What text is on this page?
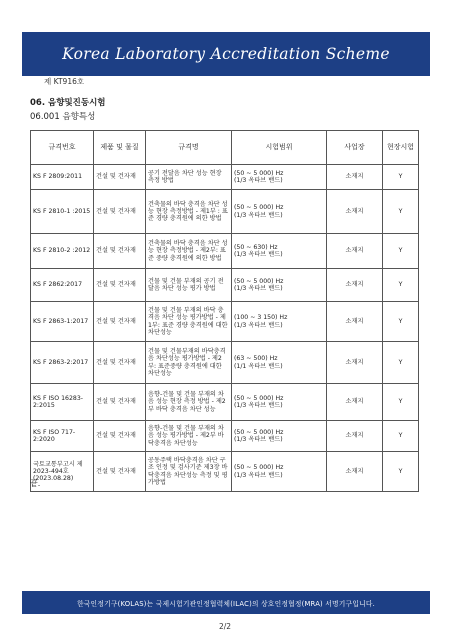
Korea Laboratory Accreditation Scheme
제 KT916호
06. 음향및진동시험
06.001 음향특성
규격번호	제품 및 물질	규격명	시험범위	사업장	현장시험
KS F 2809:2011	건설 및 건자재	공기 전달음 차단 성능 현장 측정 방법	(50 ~ 5 000) Hz
(1/3 옥타브 밴드)	소재지	Y
KS F 2810-1 :2015	건설 및 건자재	건축물의 바닥 충격음 차단 성능 현장 측정방법 - 제1부 : 표준 경량 충격원에 의한 방법	(50 ~ 5 000) Hz
(1/3 옥타브 밴드)	소재지	Y
KS F 2810-2 :2012	건설 및 건자재	건축물의 바닥 충격음 차단 성능 현장 측정방법 - 제2부: 표준 중량 충격원에 의한 방법	(50 ~ 630) Hz
(1/3 옥타브 밴드)	소재지	Y
KS F 2862:2017	건설 및 건자재	건물 및 건물 부재의 공기 전달음 차단 성능 평가 방법	(50 ~ 5 000) Hz
(1/3 옥타브 밴드)	소재지	Y
KS F 2863-1:2017	건설 및 건자재	건물 및 건물 부재의 바닥 충격음 차단 성능 평가방법 - 제1부: 표준 경량 충격원에 대한 차단성능	(100 ~ 3 150) Hz
(1/3 옥타브 밴드)	소재지	Y
KS F 2863-2:2017	건설 및 건자재	건물 및 건물부재의 바닥충격음 차단성능 평가방법 - 제2부: 표준중량 충격원에 대한 차단성능	(63 ~ 500) Hz
(1/1 옥타브 밴드)	소재지	Y
KS F ISO 16283-2:2015	건설 및 건자재	음향-건물 및 건물 부재의 차음 성능 현장 측정 방법 - 제2부 바닥 충격음 차단 성능	(50 ~ 5 000) Hz
(1/3 옥타브 밴드)	소재지	Y
KS F ISO 717-2:2020	건설 및 건자재	음향-건물 및 건물 부재의 차음 성능 평가방법 - 제2부 바닥충격음 차단성능	(50 ~ 5 000) Hz
(1/3 옥타브 밴드)	소재지	Y
국토교통부고시 제2023-494호
(2023.08.28)	건설 및 건자재	공동주택 바닥충격음 차단 구조 인정 및 검사기준 제3장 바닥충격음 차단성능 측정 및 평가방법	(50 ~ 5 000) Hz
(1/3 옥타브 밴드)	소재지	Y
끝.
한국인정기구(KOLAS)는 국제시험기관인정협력체(ILAC)의 상호인정협정(MRA) 서명기구입니다.
2/2
